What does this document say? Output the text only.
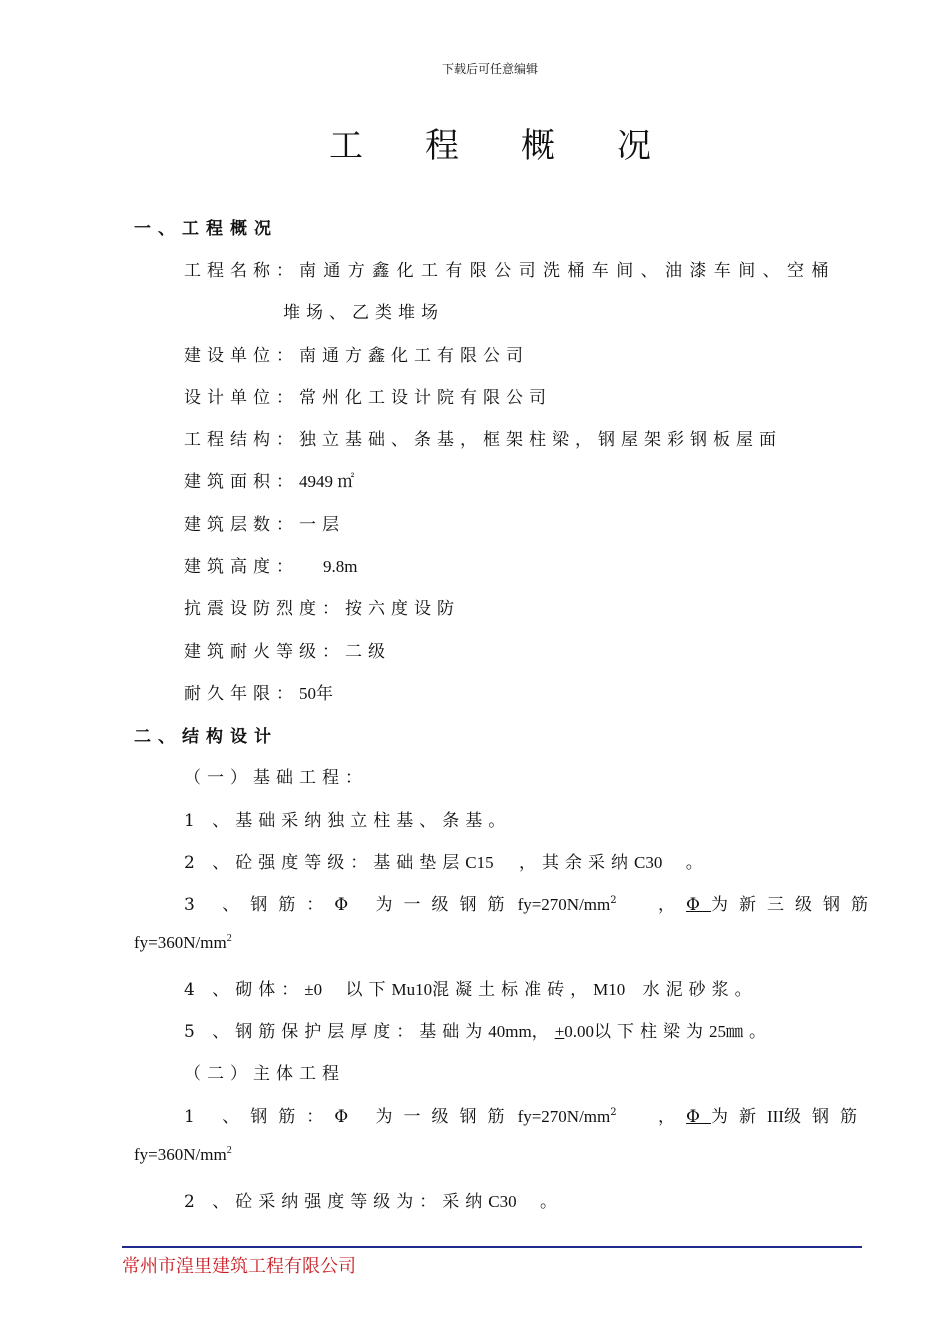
下载后可任意编辑
工程概况
一、工程概况
工程名称：南通方鑫化工有限公司洗桶车间、油漆车间、空桶
堆场、乙类堆场
建设单位：南通方鑫化工有限公司
设计单位：常州化工设计院有限公司
工程结构：独立基础、条基，框架柱梁，钢屋架彩钢板屋面
建筑面积：4949 ㎡
建筑层数：一层
建筑高度： 9.8m
抗震设防烈度：按六度设防
建筑耐火等级：二级
耐久年限：50年
二、结构设计
（一）基础工程：
1 、基础采纳独立柱基、条基。
2 、砼强度等级：基础垫层C15 ，其余采纳C30 。
3 、钢筋：Φ 为一级钢筋 $fy=270N/mm^2$ ，Φ为新三级钢筋
$fy=360N/mm^2$
4 、砌体：±0 以下Mu10混凝土标准砖，M10 水泥砂浆。
5 、钢筋保护层厚度：基础为40mm， +0.00以下柱梁为25㎜。
（二）主体工程
1 、钢筋：Φ 为一级钢筋 $fy=270N/mm^2$ ，Φ为新III级钢筋
$fy=360N/mm^2$
2 、砼采纳强度等级为：采纳C30 。
常州市湟里建筑工程有限公司
